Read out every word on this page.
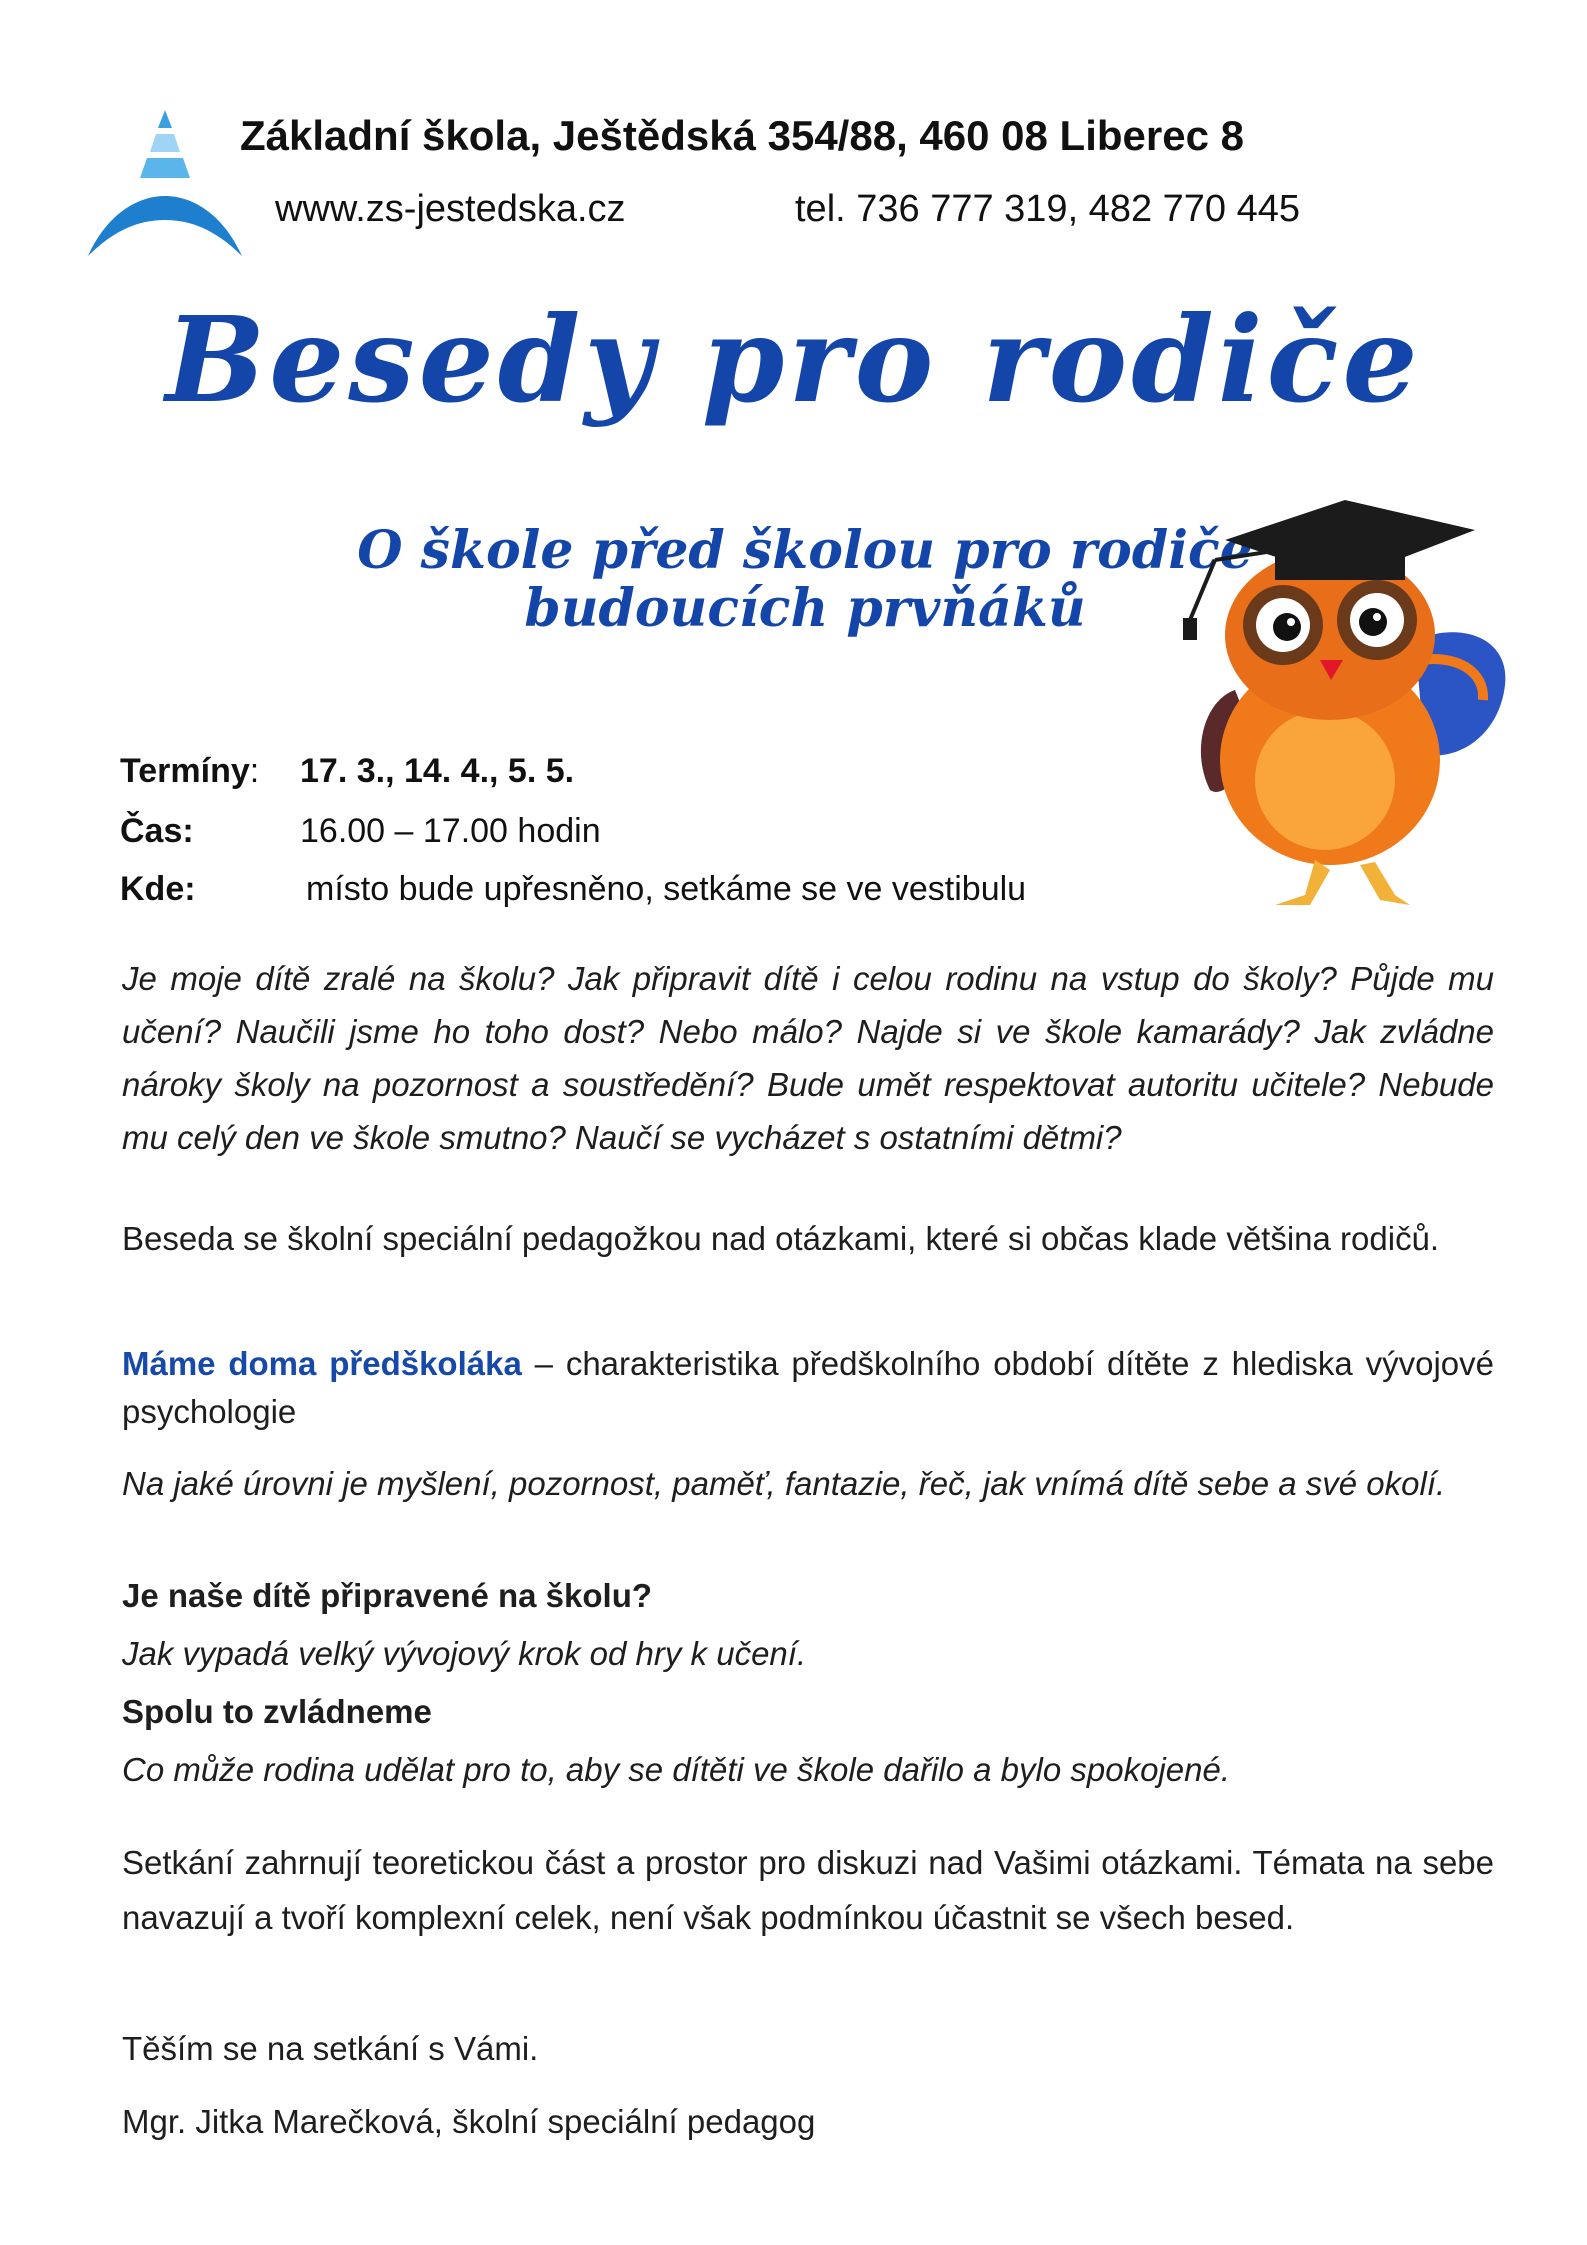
Základní škola, Ještědská 354/88, 460 08 Liberec 8
www.zs-jestedska.cz	tel. 736 777 319, 482 770 445
Besedy pro rodiče
O škole před školou pro rodiče
budoucích prvňáků
Termíny: 17. 3., 14. 4., 5. 5.
Čas:	16.00 – 17.00 hodin
Kde:	místo bude upřesněno, setkáme se ve vestibulu
Je moje dítě zralé na školu? Jak připravit dítě i celou rodinu na vstup do školy? Půjde mu učení? Naučili jsme ho toho dost? Nebo málo? Najde si ve škole kamarády? Jak zvládne nároky školy na pozornost a soustředění? Bude umět respektovat autoritu učitele? Nebude mu celý den ve škole smutno? Naučí se vycházet s ostatními dětmi?
Beseda se školní speciální pedagožkou nad otázkami, které si občas klade většina rodičů.
Máme doma předškoláka – charakteristika předškolního období dítěte z hlediska vývojové psychologie
Na jaké úrovni je myšlení, pozornost, paměť, fantazie, řeč, jak vnímá dítě sebe a své okolí.
Je naše dítě připravené na školu?
Jak vypadá velký vývojový krok od hry k učení.
Spolu to zvládneme
Co může rodina udělat pro to, aby se dítěti ve škole dařilo a bylo spokojené.
Setkání zahrnují teoretickou část a prostor pro diskuzi nad Vašimi otázkami. Témata na sebe navazují a tvoří komplexní celek, není však podmínkou účastnit se všech besed.
Těším se na setkání s Vámi.
Mgr. Jitka Marečková, školní speciální pedagog
